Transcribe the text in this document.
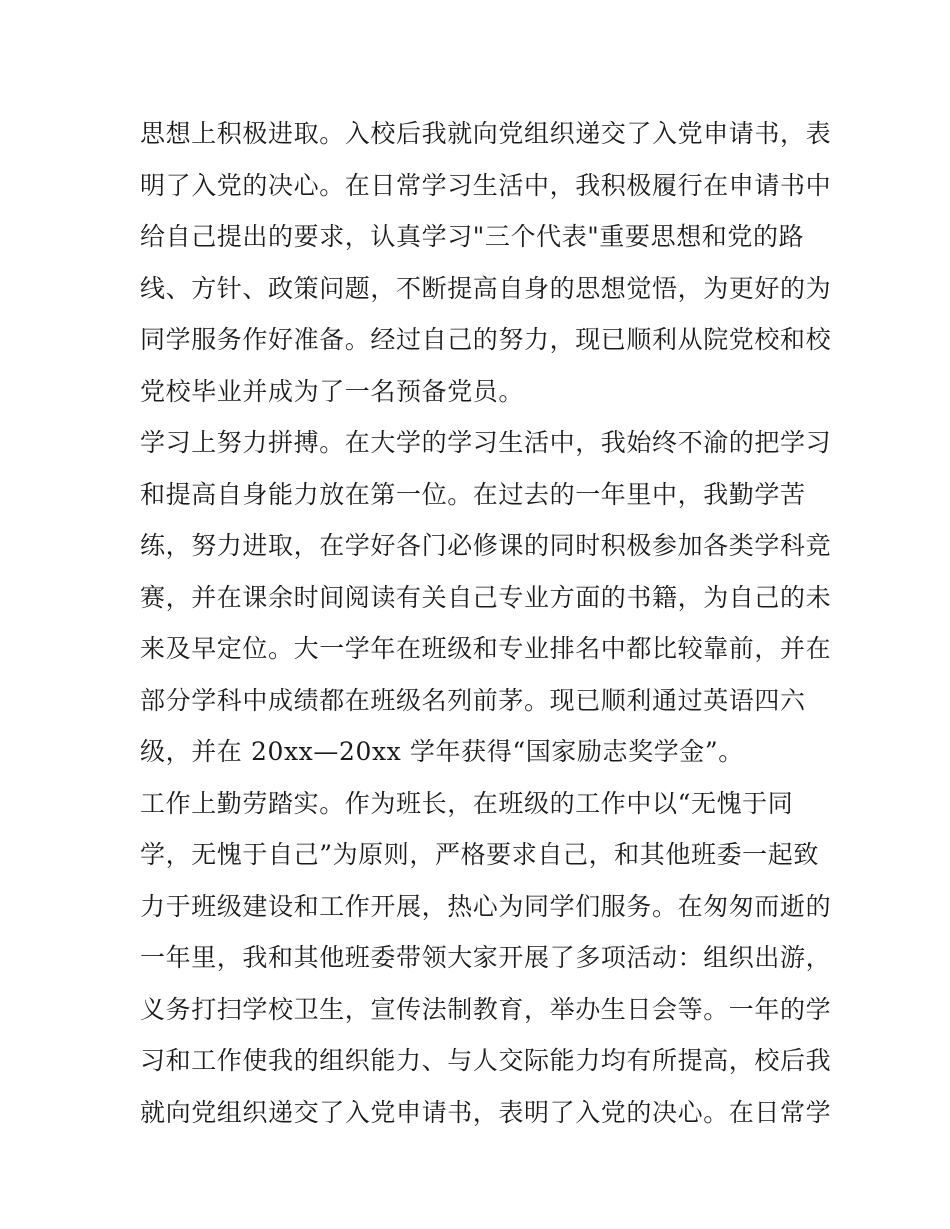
思想上积极进取。入校后我就向党组织递交了入党申请书，表
明了入党的决心。在日常学习生活中，我积极履行在申请书中
给自己提出的要求，认真学习"三个代表"重要思想和党的路
线、方针、政策问题，不断提高自身的思想觉悟，为更好的为
同学服务作好准备。经过自己的努力，现已顺利从院党校和校
党校毕业并成为了一名预备党员。
学习上努力拼搏。在大学的学习生活中，我始终不渝的把学习
和提高自身能力放在第一位。在过去的一年里中，我勤学苦
练，努力进取，在学好各门必修课的同时积极参加各类学科竞
赛，并在课余时间阅读有关自己专业方面的书籍，为自己的未
来及早定位。大一学年在班级和专业排名中都比较靠前，并在
部分学科中成绩都在班级名列前茅。现已顺利通过英语四六
级，并在 20xx—20xx 学年获得“国家励志奖学金”。
工作上勤劳踏实。作为班长，在班级的工作中以“无愧于同
学，无愧于自己”为原则，严格要求自己，和其他班委一起致
力于班级建设和工作开展，热心为同学们服务。在匆匆而逝的
一年里，我和其他班委带领大家开展了多项活动：组织出游，
义务打扫学校卫生，宣传法制教育，举办生日会等。一年的学
习和工作使我的组织能力、与人交际能力均有所提高，校后我
就向党组织递交了入党申请书，表明了入党的决心。在日常学
